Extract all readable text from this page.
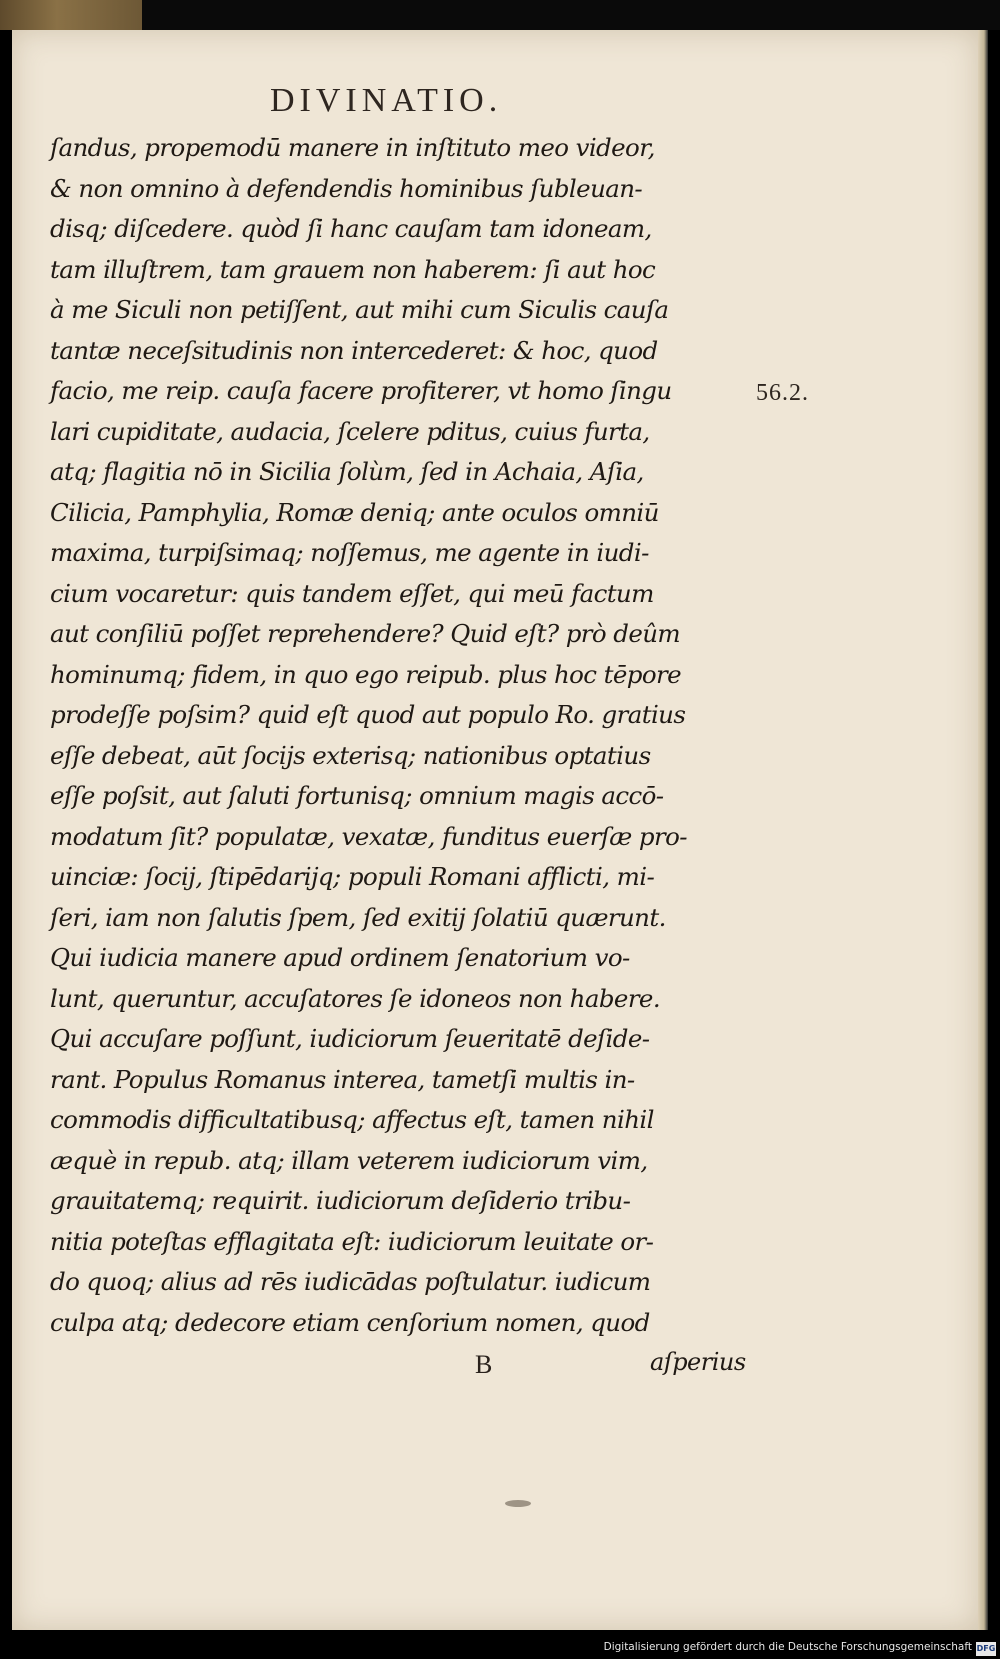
DIVINATIO.
ſandus, propemodū manere in inſtituto meo videor,
& non omnino à defendendis hominibus ſubleuan-
disq; diſcedere. quòd ſi hanc cauſam tam idoneam,
tam illuſtrem, tam grauem non haberem: ſi aut hoc
à me Siculi non petiſſent, aut mihi cum Siculis cauſa
tantæ neceſsitudinis non intercederet: & hoc, quod
facio, me reip. cauſa facere profiterer, vt homo ſingu
lari cupiditate, audacia, ſcelere pditus, cuius furta,
atq; flagitia nō in Sicilia ſolùm, ſed in Achaia, Aſia,
Cilicia, Pamphylia, Romæ deniq; ante oculos omniū
maxima, turpiſsimaq; noſſemus, me agente in iudi-
cium vocaretur: quis tandem eſſet, qui meū factum
aut conſiliū poſſet reprehendere? Quid eſt? prò deûm
hominumq; fidem, in quo ego reipub. plus hoc tēpore
prodeſſe poſsim? quid eſt quod aut populo Ro. gratius
eſſe debeat, aūt ſocijs exterisq; nationibus optatius
eſſe poſsit, aut ſaluti fortunisq; omnium magis accō-
modatum ſit? populatæ, vexatæ, funditus euerſæ pro-
uinciæ: ſocij, ſtipēdarijq; populi Romani afflicti, mi-
ſeri, iam non ſalutis ſpem, ſed exitij ſolatiū quærunt.
Qui iudicia manere apud ordinem ſenatorium vo-
lunt, queruntur, accuſatores ſe idoneos non habere.
Qui accuſare poſſunt, iudiciorum ſeueritatē deſide-
rant. Populus Romanus interea, tametſi multis in-
commodis difficultatibusq; affectus eſt, tamen nihil
æquè in repub. atq; illam veterem iudiciorum vim,
grauitatemq; requirit. iudiciorum deſiderio tribu-
nitia poteſtas efflagitata eſt: iudiciorum leuitate or-
do quoq; alius ad rēs iudicādas poſtulatur. iudicum
culpa atq; dedecore etiam cenſorium nomen, quod
56.2.
B	aſperius
Digitalisierung gefördert durch die Deutsche Forschungsgemeinschaft DFG
